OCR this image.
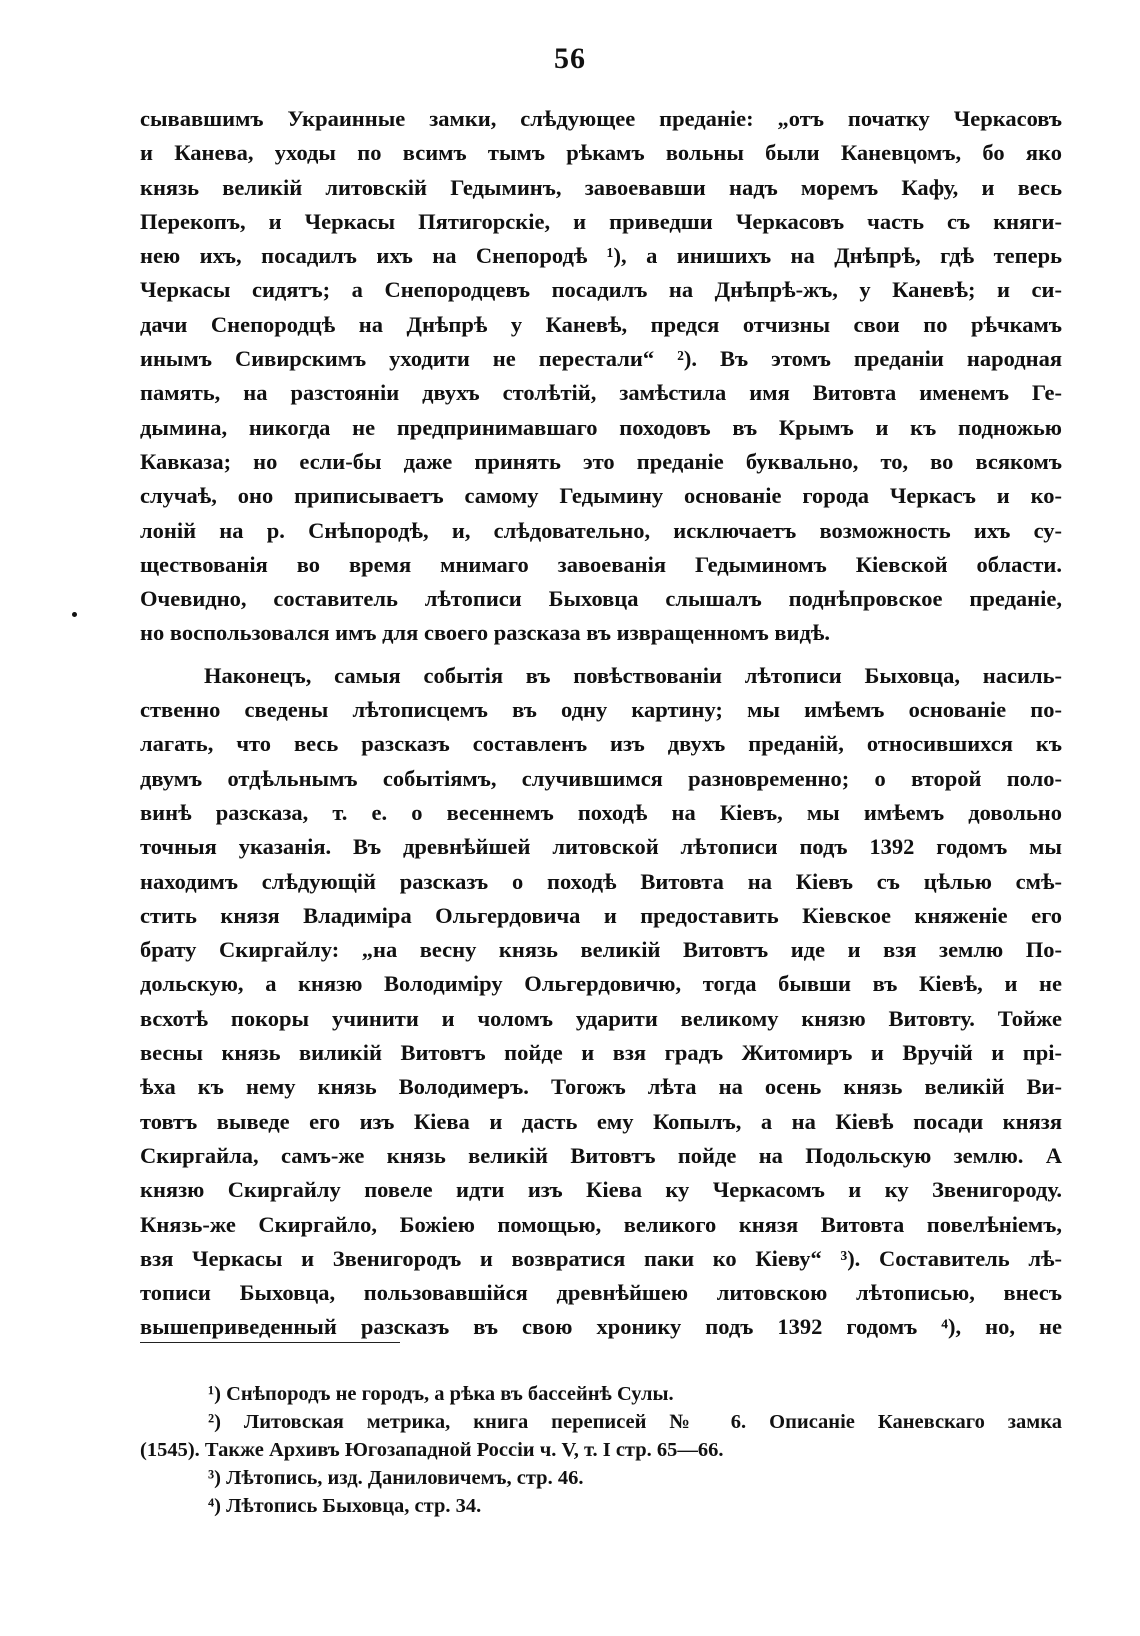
56
сывавшимъ Украинные замки, слѣдующее преданіе: „отъ початку Черкасовъ
и Канева, уходы по всимъ тымъ рѣкамъ вольны были Каневцомъ, бо яко
князь великій литовскій Гедыминъ, завоевавши надъ моремъ Кафу, и весь
Перекопъ, и Черкасы Пятигорскіе, и приведши Черкасовъ часть съ княги-
нею ихъ, посадилъ ихъ на Снепородѣ ¹), а инишихъ на Днѣпрѣ, гдѣ теперь
Черкасы сидятъ; а Снепородцевъ посадилъ на Днѣпрѣ-жъ, у Каневѣ; и си-
дачи Снепородцѣ на Днѣпрѣ у Каневѣ, предся отчизны свои по рѣчкамъ
инымъ Сивирскимъ уходити не перестали“ ²). Въ этомъ преданіи народная
память, на разстояніи двухъ столѣтій, замѣстила имя Витовта именемъ Ге-
дымина, никогда не предпринимавшаго походовъ въ Крымъ и къ подножью
Кавказа; но если-бы даже принять это преданіе буквально, то, во всякомъ
случаѣ, оно приписываетъ самому Гедымину основаніе города Черкасъ и ко-
лоній на р. Снѣпородѣ, и, слѣдовательно, исключаетъ возможность ихъ су-
ществованія во время мнимаго завоеванія Гедыминомъ Кіевской области.
Очевидно, составитель лѣтописи Быховца слышалъ поднѣпровское преданіе,
но воспользовался имъ для своего разсказа въ извращенномъ видѣ.
Наконецъ, самыя событія въ повѣствованіи лѣтописи Быховца, насиль-
ственно сведены лѣтописцемъ въ одну картину; мы имѣемъ основаніе по-
лагать, что весь разсказъ составленъ изъ двухъ преданій, относившихся къ
двумъ отдѣльнымъ событіямъ, случившимся разновременно; о второй поло-
винѣ разсказа, т. е. о весеннемъ походѣ на Кіевъ, мы имѣемъ довольно
точныя указанія. Въ древнѣйшей литовской лѣтописи подъ 1392 годомъ мы
находимъ слѣдующій разсказъ о походѣ Витовта на Кіевъ съ цѣлью смѣ-
стить князя Владиміра Ольгердовича и предоставить Кіевское княженіе его
брату Скиргайлу: „на весну князь великій Витовтъ иде и взя землю По-
дольскую, а князю Володиміру Ольгердовичю, тогда бывши въ Кіевѣ, и не
всхотѣ покоры учинити и чоломъ ударити великому князю Витовту. Тойже
весны князь виликій Витовтъ пойде и взя градъ Житомиръ и Вручій и прі-
ѣха къ нему князь Володимеръ. Тогожъ лѣта на осень князь великій Ви-
товтъ выведе его изъ Кіева и дасть ему Копылъ, а на Кіевѣ посади князя
Скиргайла, самъ-же князь великій Витовтъ пойде на Подольскую землю. А
князю Скиргайлу повеле идти изъ Кіева ку Черкасомъ и ку Звенигороду.
Князь-же Скиргайло, Божіею помощью, великого князя Витовта повелѣніемъ,
взя Черкасы и Звенигородъ и возвратися паки ко Кіеву“ ³). Составитель лѣ-
тописи Быховца, пользовавшійся древнѣйшею литовскою лѣтописью, внесъ
вышеприведенный разсказъ въ свою хронику подъ 1392 годомъ ⁴), но, не
¹) Снѣпородъ не городъ, а рѣка въ бассейнѣ Сулы.
²) Литовская метрика, книга переписей № 6. Описаніе Каневскаго замка
(1545). Также Архивъ Югозападной Россіи ч. V, т. I стр. 65—66.
³) Лѣтопись, изд. Даниловичемъ, стр. 46.
⁴) Лѣтопись Быховца, стр. 34.
